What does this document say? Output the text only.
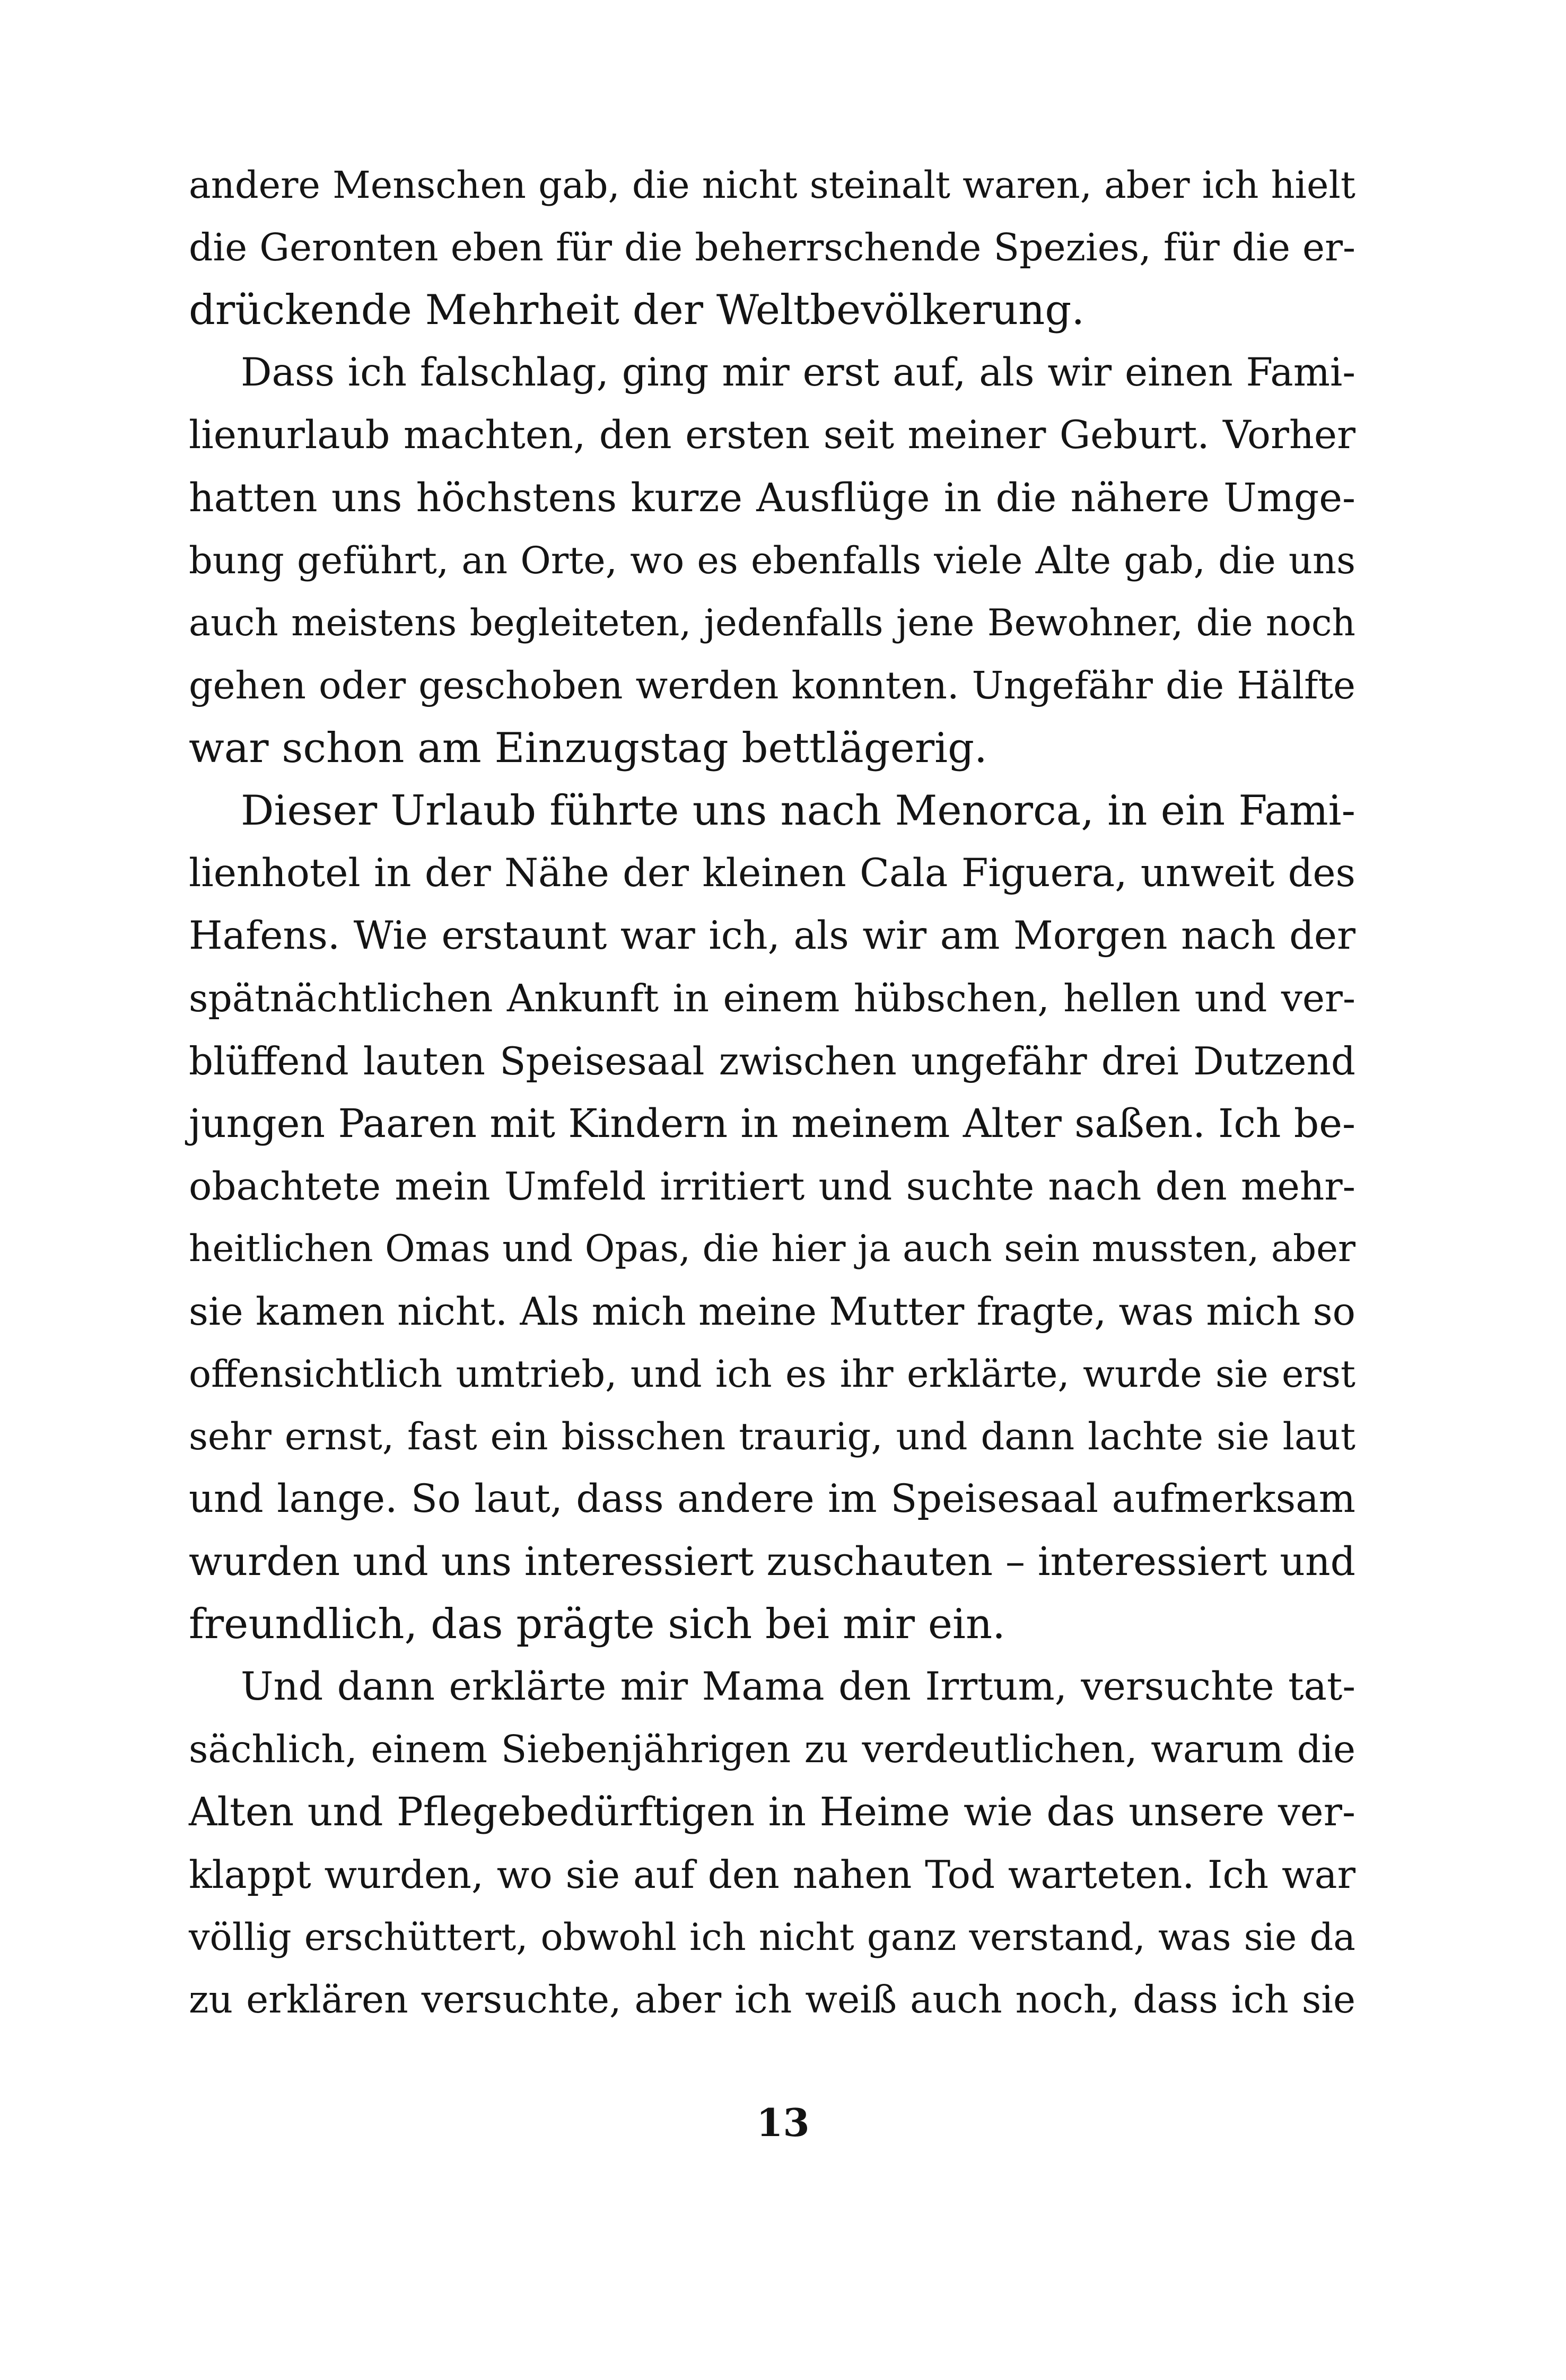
andere Menschen gab, die nicht steinalt waren, aber ich hielt
die Geronten eben für die beherrschende Spezies, für die er-
drückende Mehrheit der Weltbevölkerung.
Dass ich falschlag, ging mir erst auf, als wir einen Fami-
lienurlaub machten, den ersten seit meiner Geburt. Vorher
hatten uns höchstens kurze Ausflüge in die nähere Umge-
bung geführt, an Orte, wo es ebenfalls viele Alte gab, die uns
auch meistens begleiteten, jedenfalls jene Bewohner, die noch
gehen oder geschoben werden konnten. Ungefähr die Hälfte
war schon am Einzugstag bettlägerig.
Dieser Urlaub führte uns nach Menorca, in ein Fami-
lienhotel in der Nähe der kleinen Cala Figuera, unweit des
Hafens. Wie erstaunt war ich, als wir am Morgen nach der
spätnächtlichen Ankunft in einem hübschen, hellen und ver-
blüffend lauten Speisesaal zwischen ungefähr drei Dutzend
jungen Paaren mit Kindern in meinem Alter saßen. Ich be-
obachtete mein Umfeld irritiert und suchte nach den mehr-
heitlichen Omas und Opas, die hier ja auch sein mussten, aber
sie kamen nicht. Als mich meine Mutter fragte, was mich so
offensichtlich umtrieb, und ich es ihr erklärte, wurde sie erst
sehr ernst, fast ein bisschen traurig, und dann lachte sie laut
und lange. So laut, dass andere im Speisesaal aufmerksam
wurden und uns interessiert zuschauten – interessiert und
freundlich, das prägte sich bei mir ein.
Und dann erklärte mir Mama den Irrtum, versuchte tat-
sächlich, einem Siebenjährigen zu verdeutlichen, warum die
Alten und Pflegebedürftigen in Heime wie das unsere ver-
klappt wurden, wo sie auf den nahen Tod warteten. Ich war
völlig erschüttert, obwohl ich nicht ganz verstand, was sie da
zu erklären versuchte, aber ich weiß auch noch, dass ich sie
13
